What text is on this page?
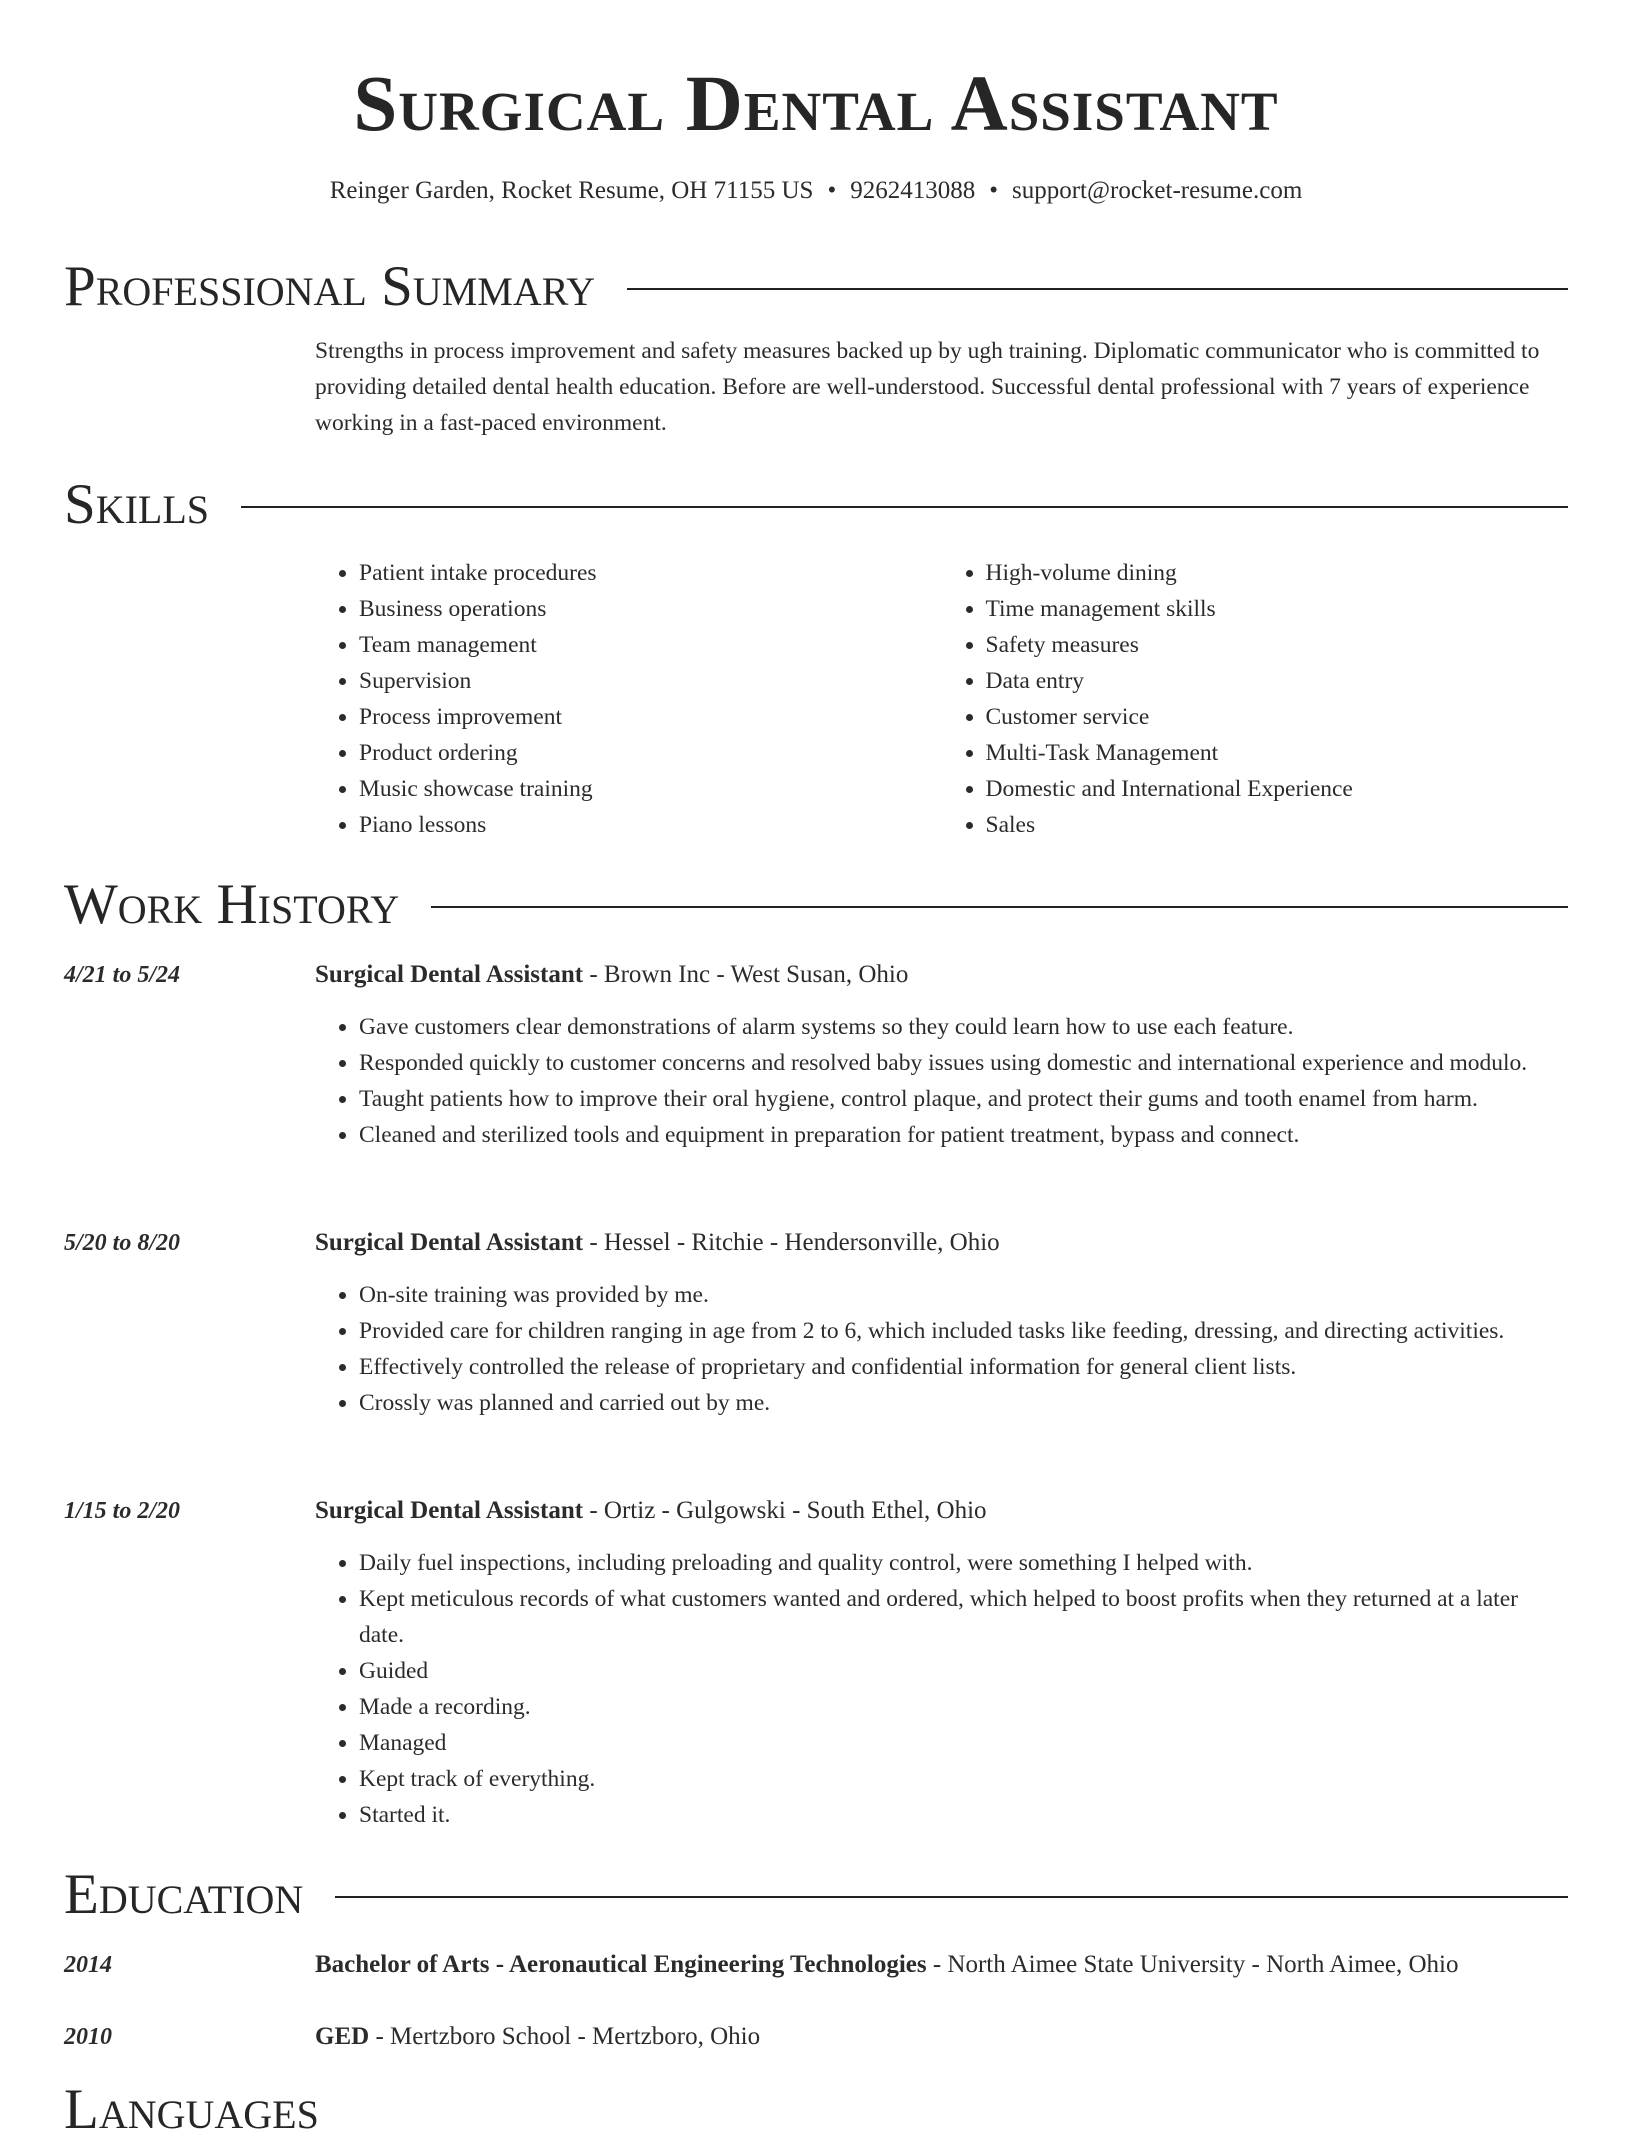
Surgical Dental Assistant
Reinger Garden, Rocket Resume, OH 71155 US • 9262413088 • support@rocket-resume.com
Professional Summary
Strengths in process improvement and safety measures backed up by ugh training. Diplomatic communicator who is committed to providing detailed dental health education. Before are well-understood. Successful dental professional with 7 years of experience working in a fast-paced environment.
Skills
• Patient intake procedures
• Business operations
• Team management
• Supervision
• Process improvement
• Product ordering
• Music showcase training
• Piano lessons
• High-volume dining
• Time management skills
• Safety measures
• Data entry
• Customer service
• Multi-Task Management
• Domestic and International Experience
• Sales
Work History
4/21 to 5/24	Surgical Dental Assistant - Brown Inc - West Susan, Ohio
• Gave customers clear demonstrations of alarm systems so they could learn how to use each feature.
• Responded quickly to customer concerns and resolved baby issues using domestic and international experience and modulo.
• Taught patients how to improve their oral hygiene, control plaque, and protect their gums and tooth enamel from harm.
• Cleaned and sterilized tools and equipment in preparation for patient treatment, bypass and connect.
5/20 to 8/20	Surgical Dental Assistant - Hessel - Ritchie - Hendersonville, Ohio
• On-site training was provided by me.
• Provided care for children ranging in age from 2 to 6, which included tasks like feeding, dressing, and directing activities.
• Effectively controlled the release of proprietary and confidential information for general client lists.
• Crossly was planned and carried out by me.
1/15 to 2/20	Surgical Dental Assistant - Ortiz - Gulgowski - South Ethel, Ohio
• Daily fuel inspections, including preloading and quality control, were something I helped with.
• Kept meticulous records of what customers wanted and ordered, which helped to boost profits when they returned at a later date.
• Guided
• Made a recording.
• Managed
• Kept track of everything.
• Started it.
Education
2014	Bachelor of Arts - Aeronautical Engineering Technologies - North Aimee State University - North Aimee, Ohio
2010	GED - Mertzboro School - Mertzboro, Ohio
Languages
